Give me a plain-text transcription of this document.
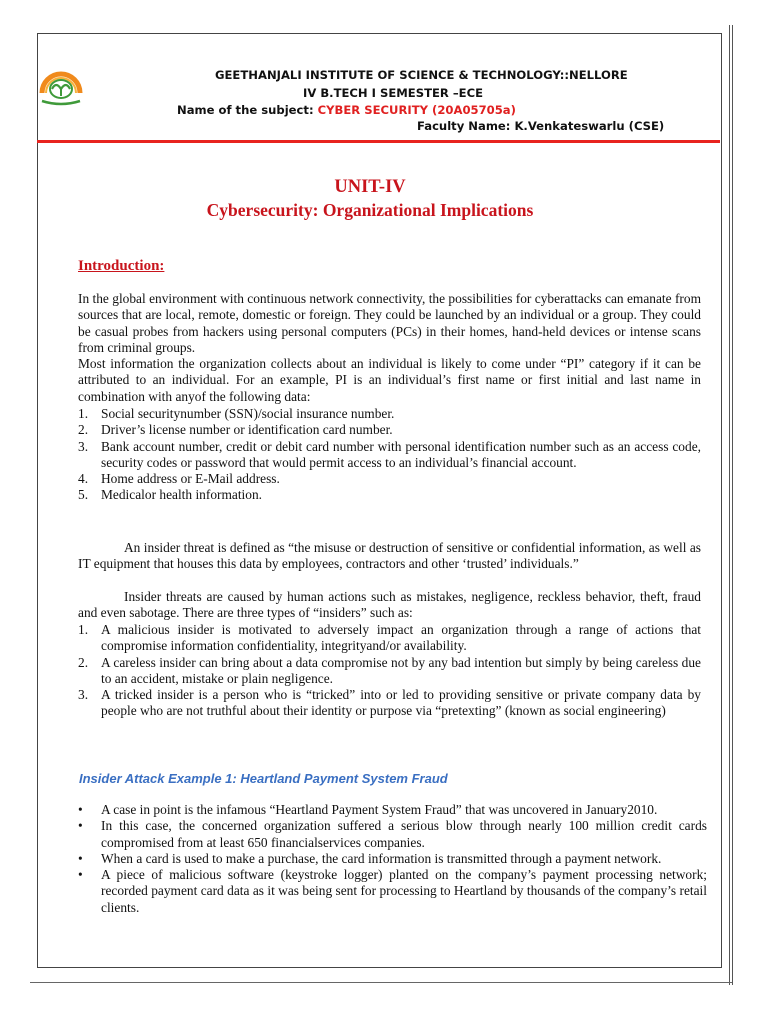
GEETHANJALI INSTITUTE OF SCIENCE & TECHNOLOGY::NELLORE
IV B.TECH I SEMESTER –ECE
Name of the subject: CYBER SECURITY (20A05705a)
Faculty Name: K.Venkateswarlu (CSE)
UNIT-IV
Cybersecurity: Organizational Implications
Introduction:
In the global environment with continuous network connectivity, the possibilities for cyberattacks can emanate from sources that are local, remote, domestic or foreign. They could be launched by an individual or a group. They could be casual probes from hackers using personal computers (PCs) in their homes, hand-held devices or intense scans from criminal groups.
Most information the organization collects about an individual is likely to come under “PI” category if it can be attributed to an individual. For an example, PI is an individual’s first name or first initial and last name in combination with anyof the following data:
1. Social securitynumber (SSN)/social insurance number.
2. Driver’s license number or identification card number.
3. Bank account number, credit or debit card number with personal identification number such as an access code, security codes or password that would permit access to an individual’s financial account.
4. Home address or E-Mail address.
5. Medicalor health information.
An insider threat is defined as “the misuse or destruction of sensitive or confidential information, as well as IT equipment that houses this data by employees, contractors and other ‘trusted’ individuals.”
Insider threats are caused by human actions such as mistakes, negligence, reckless behavior, theft, fraud and even sabotage. There are three types of “insiders” such as:
1. A malicious insider is motivated to adversely impact an organization through a range of actions that compromise information confidentiality, integrityand/or availability.
2. A careless insider can bring about a data compromise not by any bad intention but simply by being careless due to an accident, mistake or plain negligence.
3. A tricked insider is a person who is “tricked” into or led to providing sensitive or private company data by people who are not truthful about their identity or purpose via “pretexting” (known as social engineering)
Insider Attack Example 1: Heartland Payment System Fraud
• A case in point is the infamous “Heartland Payment System Fraud” that was uncovered in January2010.
• In this case, the concerned organization suffered a serious blow through nearly 100 million credit cards compromised from at least 650 financialservices companies.
• When a card is used to make a purchase, the card information is transmitted through a payment network.
• A piece of malicious software (keystroke logger) planted on the company’s payment processing network; recorded payment card data as it was being sent for processing to Heartland by thousands of the company’s retail clients.
